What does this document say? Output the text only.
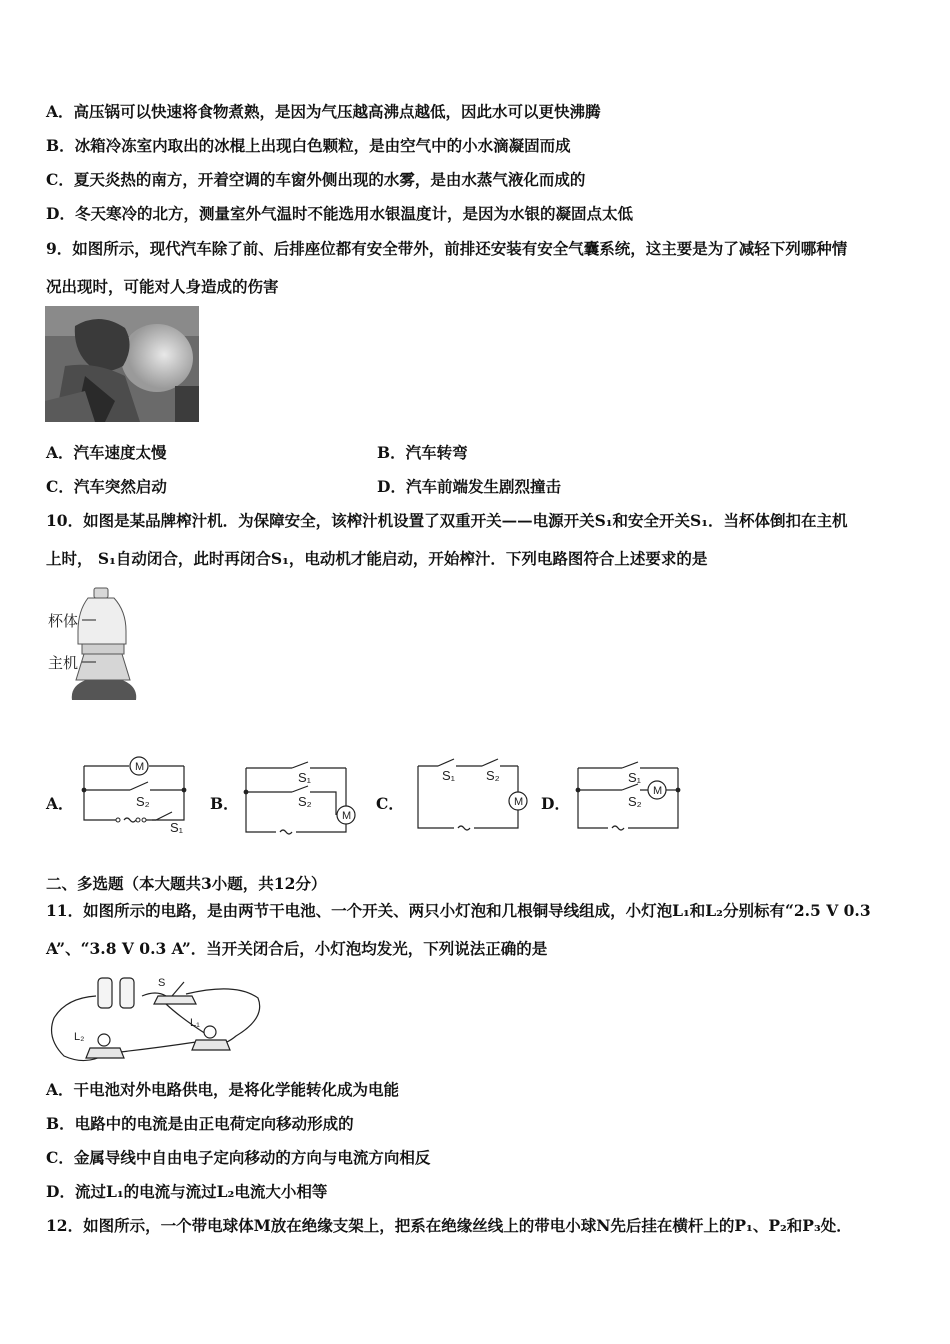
A．高压锅可以快速将食物煮熟，是因为气压越高沸点越低，因此水可以更快沸腾
B．冰箱冷冻室内取出的冰棍上出现白色颗粒，是由空气中的小水滴凝固而成
C．夏天炎热的南方，开着空调的车窗外侧出现的水雾，是由水蒸气液化而成的
D．冬天寒冷的北方，测量室外气温时不能选用水银温度计，是因为水银的凝固点太低
9．如图所示，现代汽车除了前、后排座位都有安全带外，前排还安装有安全气囊系统，这主要是为了减轻下列哪种情
况出现时，可能对人身造成的伤害
A．汽车速度太慢	B．汽车转弯
C．汽车突然启动	D．汽车前端发生剧烈撞击
10．如图是某品牌榨汁机．为保障安全，该榨汁机设置了双重开关——电源开关S₁和安全开关S₁．当杯体倒扣在主机
上时， S₁自动闭合，此时再闭合S₁，电动机才能启动，开始榨汁．下列电路图符合上述要求的是
杯体
主机
A．
M
S₂
S₁
B．
M
S₁
S₂	C．	M
S₁ S₂
D．
M
S₁
S₂
二、多选题（本大题共3小题，共12分）
11．如图所示的电路，是由两节干电池、一个开关、两只小灯泡和几根铜导线组成，小灯泡L₁和L₂分别标有“2.5 V 0.3
A”、“3.8 V 0.3 A”．当开关闭合后，小灯泡均发光，下列说法正确的是
S
L₁
L₂
A．干电池对外电路供电，是将化学能转化成为电能
B．电路中的电流是由正电荷定向移动形成的
C．金属导线中自由电子定向移动的方向与电流方向相反
D．流过L₁的电流与流过L₂电流大小相等
12．如图所示，一个带电球体M放在绝缘支架上，把系在绝缘丝线上的带电小球N先后挂在横杆上的P₁、P₂和P₃处．
